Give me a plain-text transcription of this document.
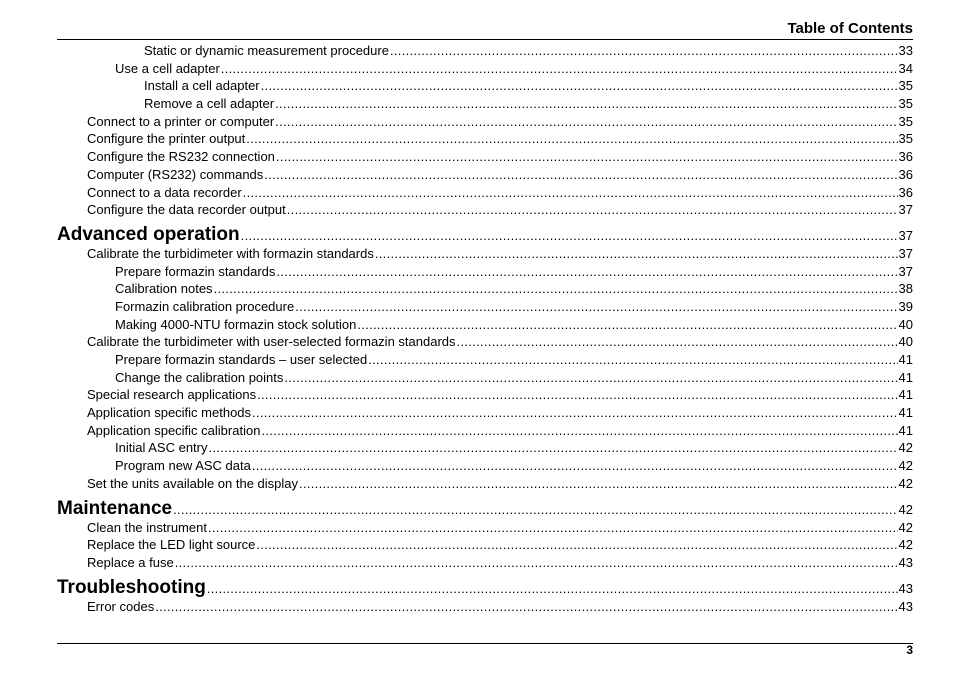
Table of Contents
Static or dynamic measurement procedure .....	33
Use a cell adapter .....	34
Install a cell adapter .....	35
Remove a cell adapter .....	35
Connect to a printer or computer .....	35
Configure the printer output .....	35
Configure the RS232 connection .....	36
Computer (RS232) commands .....	36
Connect to a data recorder .....	36
Configure the data recorder output .....	37
Advanced operation .....	37
Calibrate the turbidimeter with formazin standards .....	37
Prepare formazin standards .....	37
Calibration notes .....	38
Formazin calibration procedure .....	39
Making 4000-NTU formazin stock solution .....	40
Calibrate the turbidimeter with user-selected formazin standards .....	40
Prepare formazin standards – user selected .....	41
Change the calibration points .....	41
Special research applications .....	41
Application specific methods .....	41
Application specific calibration .....	41
Initial ASC entry .....	42
Program new ASC data .....	42
Set the units available on the display .....	42
Maintenance .....	42
Clean the instrument .....	42
Replace the LED light source .....	42
Replace a fuse .....	43
Troubleshooting .....	43
Error codes .....	43
3
